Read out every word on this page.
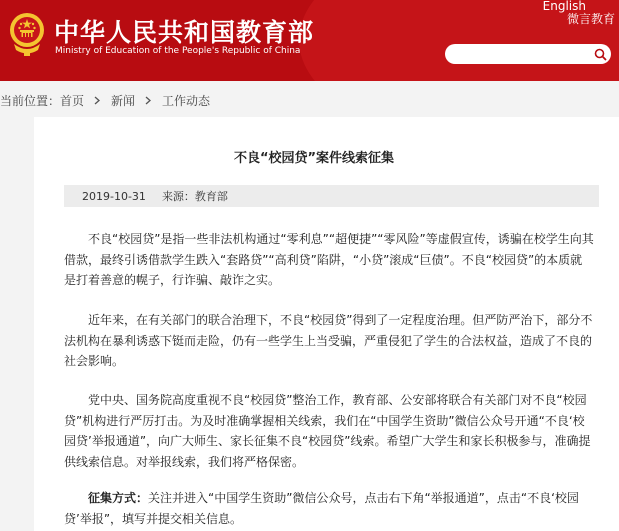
中华人民共和国教育部
Ministry of Education of the People's Republic of China
English
微言教育
当前位置： 首页 新闻 工作动态
不良“校园贷”案件线索征集
2019-10-31 来源：教育部

不良“校园贷”是指一些非法机构通过“零利息”“超便捷”“零风险”等虚假宣传，诱骗在校学生向其借款，最终引诱借款学生跌入“套路贷”“高利贷”陷阱，“小贷”滚成“巨债”。不良“校园贷”的本质就是打着善意的幌子，行诈骗、敲诈之实。

近年来，在有关部门的联合治理下，不良“校园贷”得到了一定程度治理。但严防严治下，部分不法机构在暴利诱惑下铤而走险，仍有一些学生上当受骗，严重侵犯了学生的合法权益，造成了不良的社会影响。

党中央、国务院高度重视不良“校园贷”整治工作，教育部、公安部将联合有关部门对不良“校园贷”机构进行严厉打击。为及时准确掌握相关线索，我们在“中国学生资助”微信公众号开通“不良‘校园贷’举报通道”，向广大师生、家长征集不良“校园贷”线索。希望广大学生和家长积极参与，准确提供线索信息。对举报线索，我们将严格保密。

征集方式：关注并进入“中国学生资助”微信公众号，点击右下角“举报通道”，点击“不良‘校园贷’举报”，填写并提交相关信息。
